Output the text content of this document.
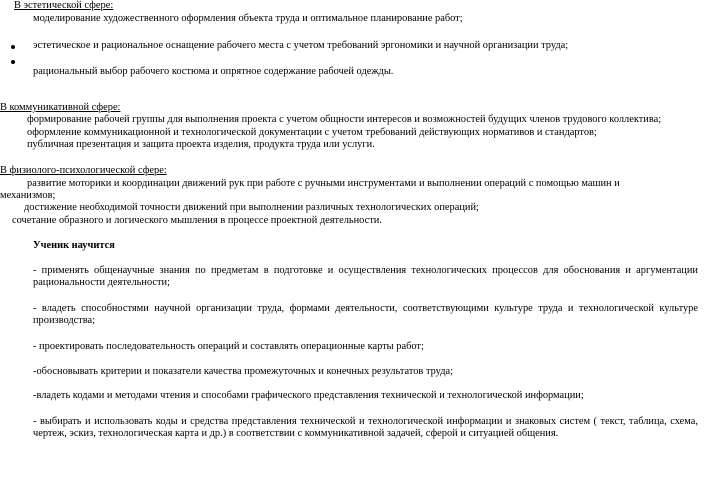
В эстетической сфере:
моделирование художественного оформления объекта труда и оптимальное планирование работ;
эстетическое и рациональное оснащение рабочего места с учетом требований эргономики и научной организации труда;
рациональный выбор рабочего костюма и опрятное содержание рабочей одежды.
В коммуникативной сфере:
формирование рабочей группы для выполнения проекта с учетом общности интересов и возможностей будущих членов трудового коллектива;
оформление коммуникационной и технологической документации с учетом требований действующих нормативов и стандартов;
публичная презентация и защита проекта изделия, продукта труда или услуги.
В физиолого-психологической сфере:
развитие моторики и координации движений рук при работе с ручными инструментами и выполнении операций с помощью машин и
механизмов;
достижение необходимой точности движений при выполнении различных технологических операций;
сочетание образного и логического мышления в процессе проектной деятельности.
Ученик научится
- применять общенаучные знания по предметам в подготовке и осуществления технологических процессов для обоснования и аргументации рациональности деятельности;
- владеть способностями научной организации труда, формами деятельности, соответствующими культуре труда и технологической культуре производства;
- проектировать последовательность операций и составлять операционные карты работ;
-обосновывать критерии и показатели качества промежуточных и конечных результатов труда;
-владеть кодами и методами чтения и способами графического представления технической и технологической информации;
- выбирать и использовать коды и средства представления технической и технологической информации и знаковых систем ( текст, таблица, схема, чертеж, эскиз, технологическая карта и др.) в соответствии с коммуникативной задачей, сферой и ситуацией общения.
